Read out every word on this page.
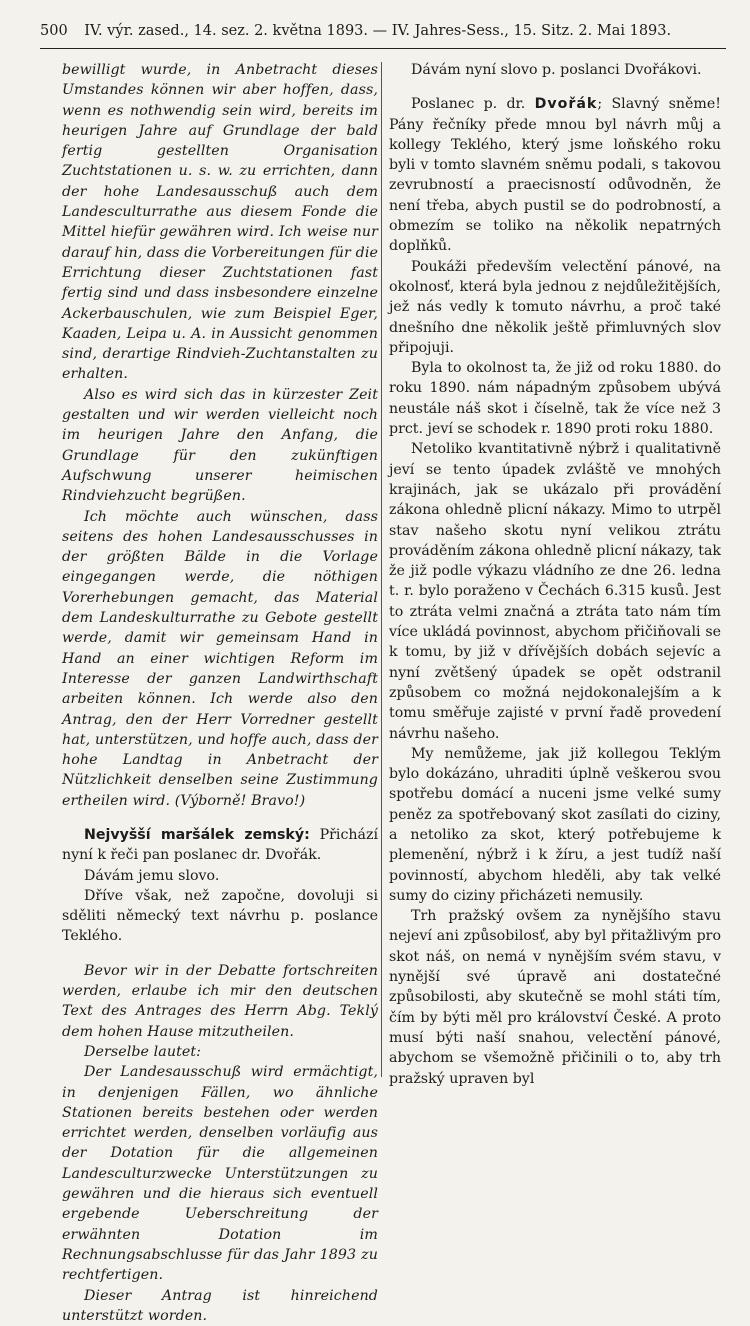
500 IV. výr. zased., 14. sez. 2. května 1893. — IV. Jahres-Sess., 15. Sitz. 2. Mai 1893.

bewilligt wurde, in Anbetracht dieses Umstandes können wir aber hoffen, dass, wenn es nothwendig sein wird, bereits im heurigen Jahre auf Grundlage der bald fertig gestellten Organisation Zuchtstationen u. s. w. zu errichten, dann der hohe Landesausschuß auch dem Landesculturrathe aus diesem Fonde die Mittel hiefür gewähren wird. Ich weise nur darauf hin, dass die Vorbereitungen für die Errichtung dieser Zuchtstationen fast fertig sind und dass insbesondere einzelne Ackerbauschulen, wie zum Beispiel Eger, Kaaden, Leipa u. A. in Aussicht genommen sind, derartige Rindvieh-Zuchtanstalten zu erhalten.

Also es wird sich das in kürzester Zeit gestalten und wir werden vielleicht noch im heurigen Jahre den Anfang, die Grundlage für den zukünftigen Aufschwung unserer heimischen Rindviehzucht begrüßen.

Ich möchte auch wünschen, dass seitens des hohen Landesausschusses in der größten Bälde in die Vorlage eingegangen werde, die nöthigen Vorerhebungen gemacht, das Material dem Landeskulturrathe zu Gebote gestellt werde, damit wir gemeinsam Hand in Hand an einer wichtigen Reform im Interesse der ganzen Landwirthschaft arbeiten können. Ich werde also den Antrag, den der Herr Vorredner gestellt hat, unterstützen, und hoffe auch, dass der hohe Landtag in Anbetracht der Nützlichkeit denselben seine Zustimmung ertheilen wird. (Výborně! Bravo!)

Nejvyšší maršálek zemský: Přichází nyní k řeči pan poslanec dr. Dvořák.

Dávám jemu slovo.

Dříve však, než započne, dovoluji si sděliti německý text návrhu p. poslance Teklého.

Bevor wir in der Debatte fortschreiten werden, erlaube ich mir den deutschen Text des Antrages des Herrn Abg. Teklý dem hohen Hause mitzutheilen.

Derselbe lautet:

Der Landesausschuß wird ermächtigt, in denjenigen Fällen, wo ähnliche Stationen bereits bestehen oder werden errichtet werden, denselben vorläufig aus der Dotation für die allgemeinen Landesculturzwecke Unterstützungen zu gewähren und die hieraus sich eventuell ergebende Ueberschreitung der erwähnten Dotation im Rechnungsabschlusse für das Jahr 1893 zu rechtfertigen.

Dieser Antrag ist hinreichend unterstützt worden.

Dávám nyní slovo p. poslanci Dvořákovi.

Poslanec p. dr. Dvořák; Slavný sněme! Pány řečníky přede mnou byl návrh můj a kollegy Teklého, který jsme loňského roku byli v tomto slavném sněmu podali, s takovou zevrubností a praecisností odůvodněn, že není třeba, abych pustil se do podrobností, a obmezím se toliko na několik nepatrných doplňků.

Poukáži především velectění pánové, na okolnosť, která byla jednou z nejdůležitějších, jež nás vedly k tomuto návrhu, a proč také dnešního dne několik ještě přimluvných slov připojuji.

Byla to okolnost ta, že již od roku 1880. do roku 1890. nám nápadným způsobem ubývá neustále náš skot i číselně, tak že více než 3 prct. jeví se schodek r. 1890 proti roku 1880.

Netoliko kvantitativně nýbrž i qualitativně jeví se tento úpadek zvláště ve mnohých krajinách, jak se ukázalo při provádění zákona ohledně plicní nákazy. Mimo to utrpěl stav našeho skotu nyní velikou ztrátu prováděním zákona ohledně plicní nákazy, tak že již podle výkazu vládního ze dne 26. ledna t. r. bylo poraženo v Čechách 6.315 kusů. Jest to ztráta velmi značná a ztráta tato nám tím více ukládá povinnost, abychom přičiňovali se k tomu, by již v dřívějších dobách sejevíc a nyní zvětšený úpadek se opět odstranil způsobem co možná nejdokonalejším a k tomu směřuje zajisté v první řadě provedení návrhu našeho.

My nemůžeme, jak již kollegou Teklým bylo dokázáno, uhraditi úplně veškerou svou spotřebu domácí a nuceni jsme velké sumy peněz za spotřebovaný skot zasílati do ciziny, a netoliko za skot, který potřebujeme k plemenění, nýbrž i k žíru, a jest tudíž naší povinností, abychom hleděli, aby tak velké sumy do ciziny přicházeti nemusily.

Trh pražský ovšem za nynějšího stavu nejeví ani způsobilosť, aby byl přitažlivým pro skot náš, on nemá v nynějším svém stavu, v nynější své úpravě ani dostatečné způsobilosti, aby skutečně se mohl státi tím, čím by býti měl pro království České. A proto musí býti naší snahou, velectění pánové, abychom se všemožně přičinili o to, aby trh pražský upraven byl
